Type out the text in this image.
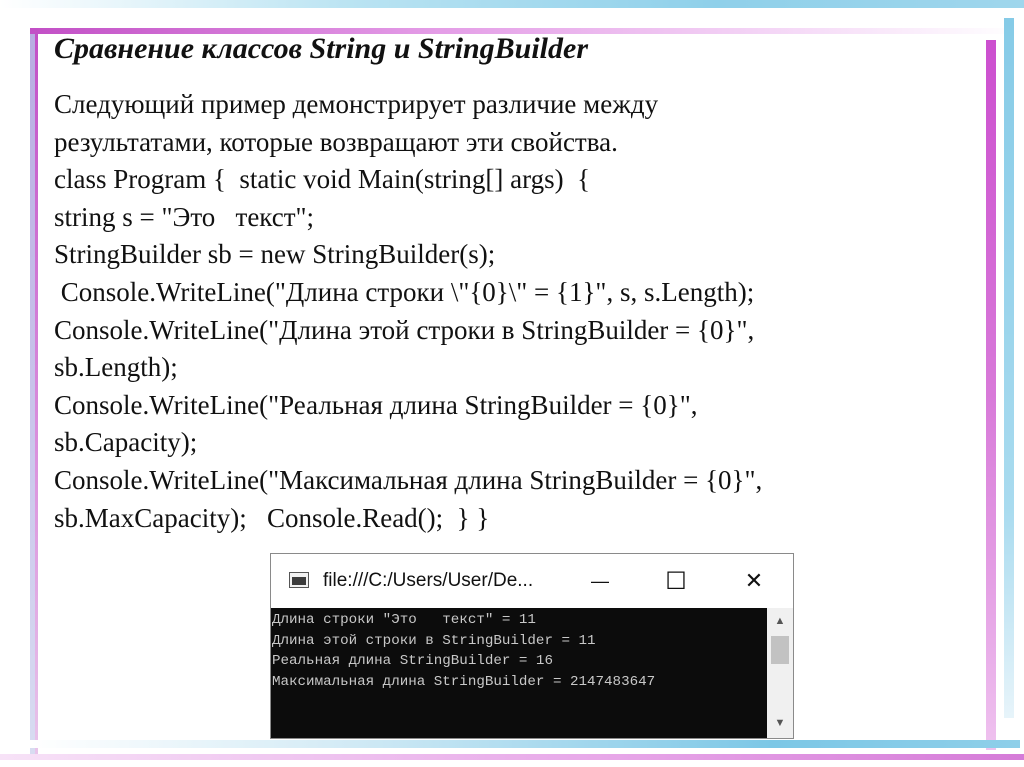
Сравнение классов String и StringBuilder
Следующий пример демонстрирует различие между
результатами, которые возвращают эти свойства.
class Program {  static void Main(string[] args)  {
string s = "Это   текст";
StringBuilder sb = new StringBuilder(s);
Console.WriteLine("Длина строки \"{0}\" = {1}", s, s.Length);
Console.WriteLine("Длина этой строки в StringBuilder = {0}",
sb.Length);
Console.WriteLine("Реальная длина StringBuilder = {0}",
sb.Capacity);
Console.WriteLine("Максимальная длина StringBuilder = {0}",
sb.MaxCapacity);   Console.Read();  } }
file:///C:/Users/User/De...	— ☐	✕
Длина строки "Это   текст" = 11
Длина этой строки в StringBuilder = 11
Реальная длина StringBuilder = 16
Максимальная длина StringBuilder = 2147483647
▲
▼
